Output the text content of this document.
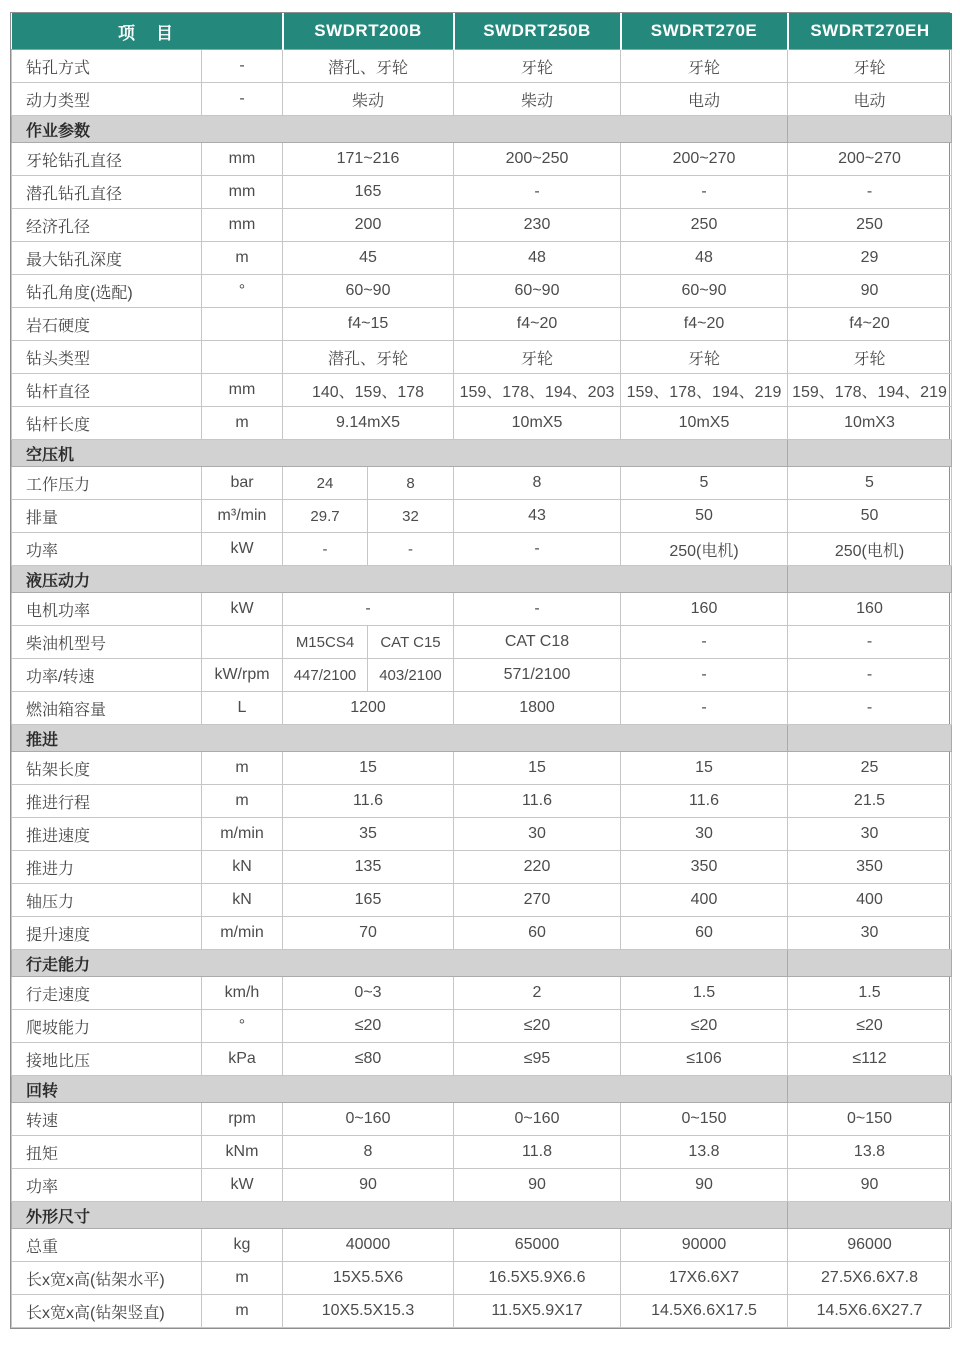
项　目		SWDRT200B		SWDRT250B	SWDRT270E	SWDRT270EH
钻孔方式	-	潜孔、牙轮		牙轮	牙轮	牙轮
动力类型	-	柴动		柴动	电动	电动
作业参数						
牙轮钻孔直径	mm	171~216		200~250	200~270	200~270
潜孔钻孔直径	mm	165		-	-	-
经济孔径	mm	200		230	250	250
最大钻孔深度	m	45		48	48	29
钻孔角度(选配)	°	60~90		60~90	60~90	90
岩石硬度		f4~15		f4~20	f4~20	f4~20
钻头类型		潜孔、牙轮		牙轮	牙轮	牙轮
钻杆直径	mm	140、159、178		159、178、194、203	159、178、194、219	159、178、194、219
钻杆长度	m	9.14mX5		10mX5	10mX5	10mX3
空压机						
工作压力	bar	24	8	8	5	5
排量	m³/min	29.7	32	43	50	50
功率	kW	-	-	-	250(电机)	250(电机)
液压动力						
电机功率	kW	-		-	160	160
柴油机型号		M15CS4	CAT C15	CAT C18	-	-
功率/转速	kW/rpm	447/2100	403/2100	571/2100	-	-
燃油箱容量	L	1200		1800	-	-
推进						
钻架长度	m	15		15	15	25
推进行程	m	11.6		11.6	11.6	21.5
推进速度	m/min	35		30	30	30
推进力	kN	135		220	350	350
轴压力	kN	165		270	400	400
提升速度	m/min	70		60	60	30
行走能力						
行走速度	km/h	0~3		2	1.5	1.5
爬坡能力	°	≤20		≤20	≤20	≤20
接地比压	kPa	≤80		≤95	≤106	≤112
回转						
转速	rpm	0~160		0~160	0~150	0~150
扭矩	kNm	8		11.8	13.8	13.8
功率	kW	90		90	90	90
外形尺寸						
总重	kg	40000		65000	90000	96000
长x宽x高(钻架水平)	m	15X5.5X6		16.5X5.9X6.6	17X6.6X7	27.5X6.6X7.8
长x宽x高(钻架竖直)	m	10X5.5X15.3		11.5X5.9X17	14.5X6.6X17.5	14.5X6.6X27.7
